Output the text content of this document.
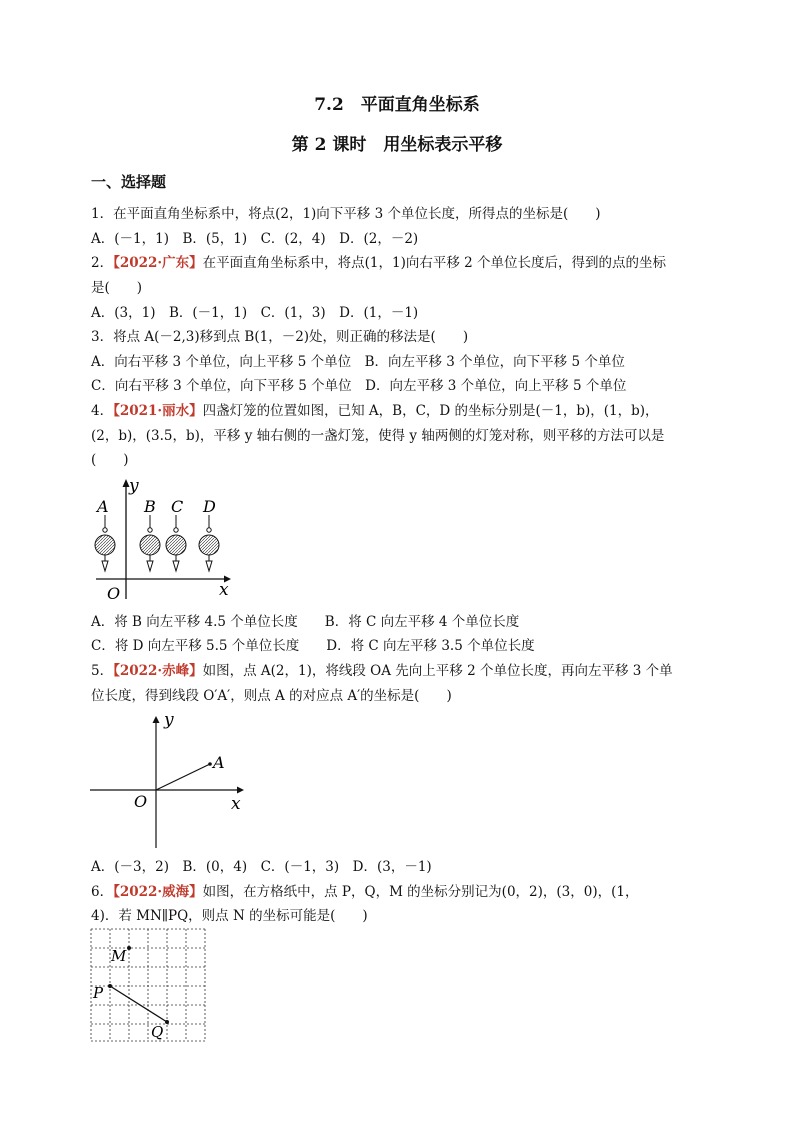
7.2　平面直角坐标系
第 2 课时　用坐标表示平移
一、选择题
1．在平面直角坐标系中，将点(2，1)向下平移 3 个单位长度，所得点的坐标是(　　)
A．(－1，1)　B．(5，1)　C．(2，4)　D．(2，－2)
2．【2022·广东】在平面直角坐标系中，将点(1，1)向右平移 2 个单位长度后，得到的点的坐标
是(　　)
A．(3，1)　B．(－1，1)　C．(1，3)　D．(1，－1)
3．将点 A(－2,3)移到点 B(1，－2)处，则正确的移法是(　　)
A．向右平移 3 个单位，向上平移 5 个单位　B．向左平移 3 个单位，向下平移 5 个单位
C．向右平移 3 个单位，向下平移 5 个单位　D．向左平移 3 个单位，向上平移 5 个单位
4．【2021·丽水】四盏灯笼的位置如图，已知 A，B，C，D 的坐标分别是(－1，b)，(1，b)，
(2，b)，(3.5，b)，平移 y 轴右侧的一盏灯笼，使得 y 轴两侧的灯笼对称，则平移的方法可以是
(　　)
y
x
O
A B C D
A．将 B 向左平移 4.5 个单位长度　　B．将 C 向左平移 4 个单位长度
C．将 D 向左平移 5.5 个单位长度　　D．将 C 向左平移 3.5 个单位长度
5．【2022·赤峰】如图，点 A(2，1)，将线段 OA 先向上平移 2 个单位长度，再向左平移 3 个单
位长度，得到线段 O′A′，则点 A 的对应点 A′的坐标是(　　)
y
A
O	x
A．(－3，2)　B．(0，4)　C．(－1，3)　D．(3，－1)
6．【2022·威海】如图，在方格纸中，点 P，Q，M 的坐标分别记为(0，2)，(3，0)，(1，
4)．若 MN∥PQ，则点 N 的坐标可能是(　　)
M
P
Q
